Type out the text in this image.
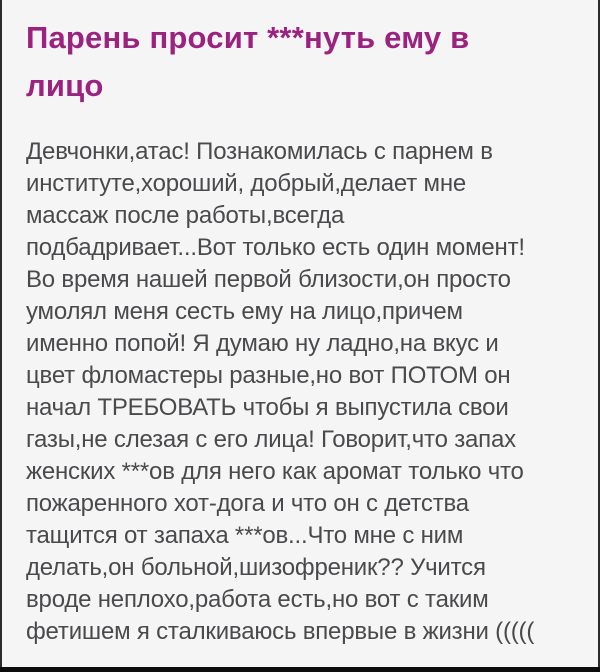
Парень просит ***нуть ему в
лицо
Девчонки,атас! Познакомилась с парнем в
институте,хороший, добрый,делает мне
массаж после работы,всегда
подбадривает...Вот только есть один момент!
Во время нашей первой близости,он просто
умолял меня сесть ему на лицо,причем
именно попой! Я думаю ну ладно,на вкус и
цвет фломастеры разные,но вот ПОТОМ он
начал ТРЕБОВАТЬ чтобы я выпустила свои
газы,не слезая с его лица! Говорит,что запах
женских ***ов для него как аромат только что
пожаренного хот-дога и что он с детства
тащится от запаха ***ов...Что мне с ним
делать,он больной,шизофреник?? Учится
вроде неплохо,работа есть,но вот с таким
фетишем я сталкиваюсь впервые в жизни (((((
